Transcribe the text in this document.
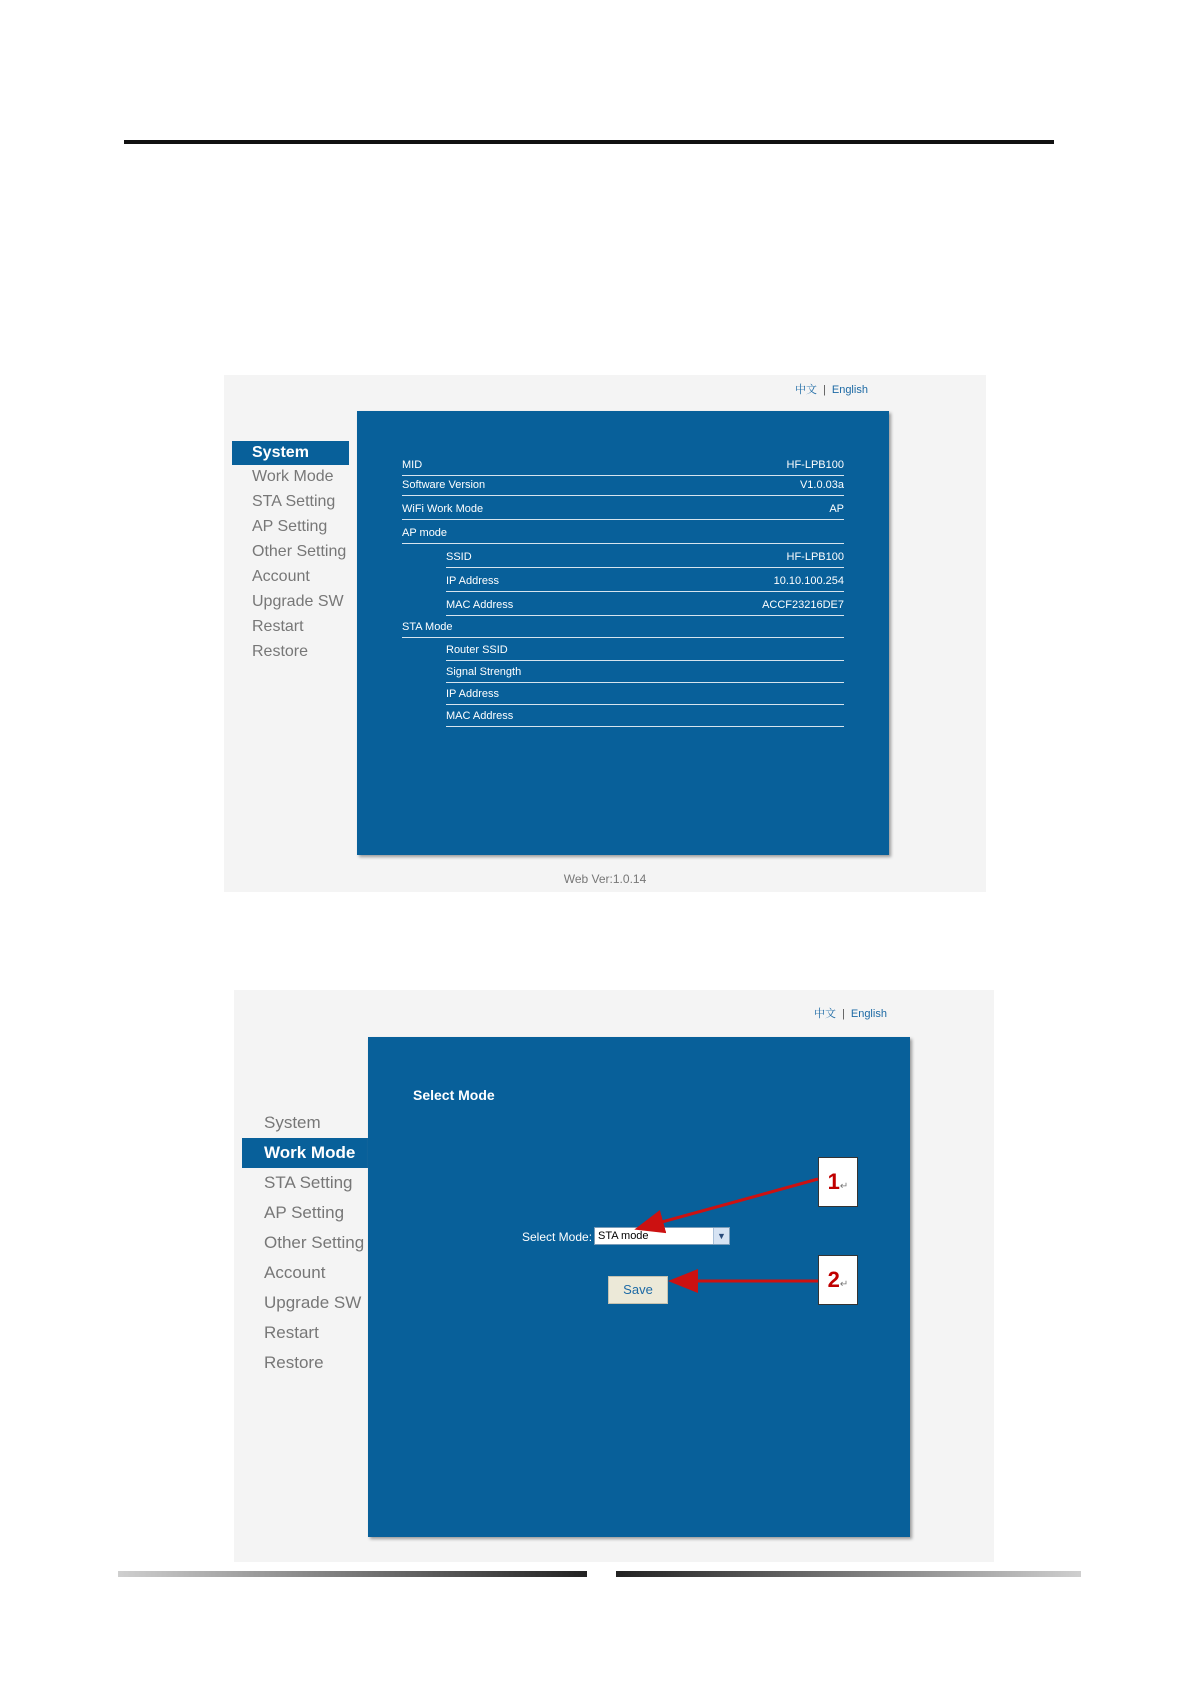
中文 | English
System
Work Mode
STA Setting
AP Setting
Other Setting
Account
Upgrade SW
Restart
Restore
MID	HF-LPB100
Software Version	V1.0.03a
WiFi Work Mode	AP
AP mode
SSID	HF-LPB100
IP Address	10.10.100.254
MAC Address	ACCF23216DE7
STA Mode
Router SSID
Signal Strength
IP Address
MAC Address
Web Ver:1.0.14
中文 | English
System
Work Mode
STA Setting
AP Setting
Other Setting
Account
Upgrade SW
Restart
Restore
Select Mode
Select Mode: STA mode	▼
Save
1↵
2↵
